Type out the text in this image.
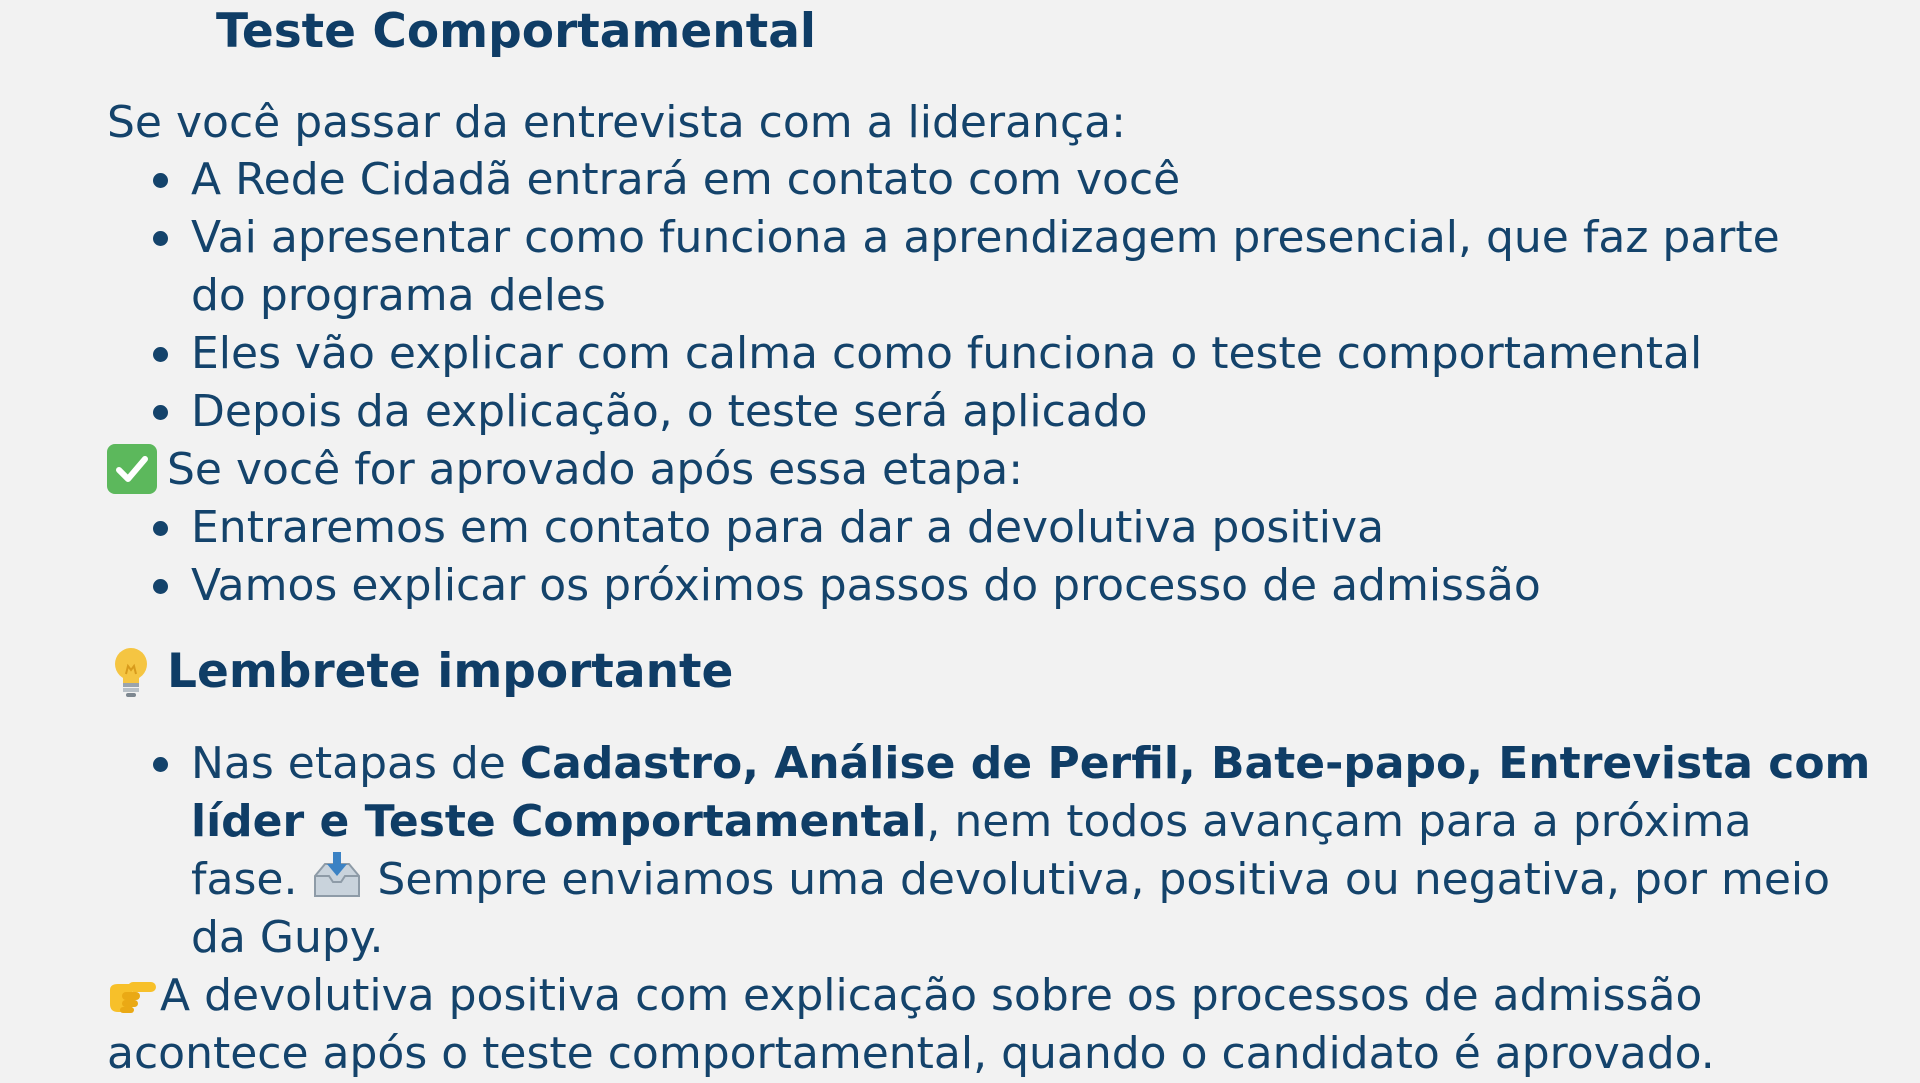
Teste Comportamental
Se você passar da entrevista com a liderança:
A Rede Cidadã entrará em contato com você
Vai apresentar como funciona a aprendizagem presencial, que faz parte
do programa deles
Eles vão explicar com calma como funciona o teste comportamental
Depois da explicação, o teste será aplicado
Se você for aprovado após essa etapa:
Entraremos em contato para dar a devolutiva positiva
Vamos explicar os próximos passos do processo de admissão
Lembrete importante
Nas etapas de Cadastro, Análise de Perfil, Bate-papo, Entrevista com
líder e Teste Comportamental, nem todos avançam para a próxima
fase.  Sempre enviamos uma devolutiva, positiva ou negativa, por meio
da Gupy.
A devolutiva positiva com explicação sobre os processos de admissão
acontece após o teste comportamental, quando o candidato é aprovado.
